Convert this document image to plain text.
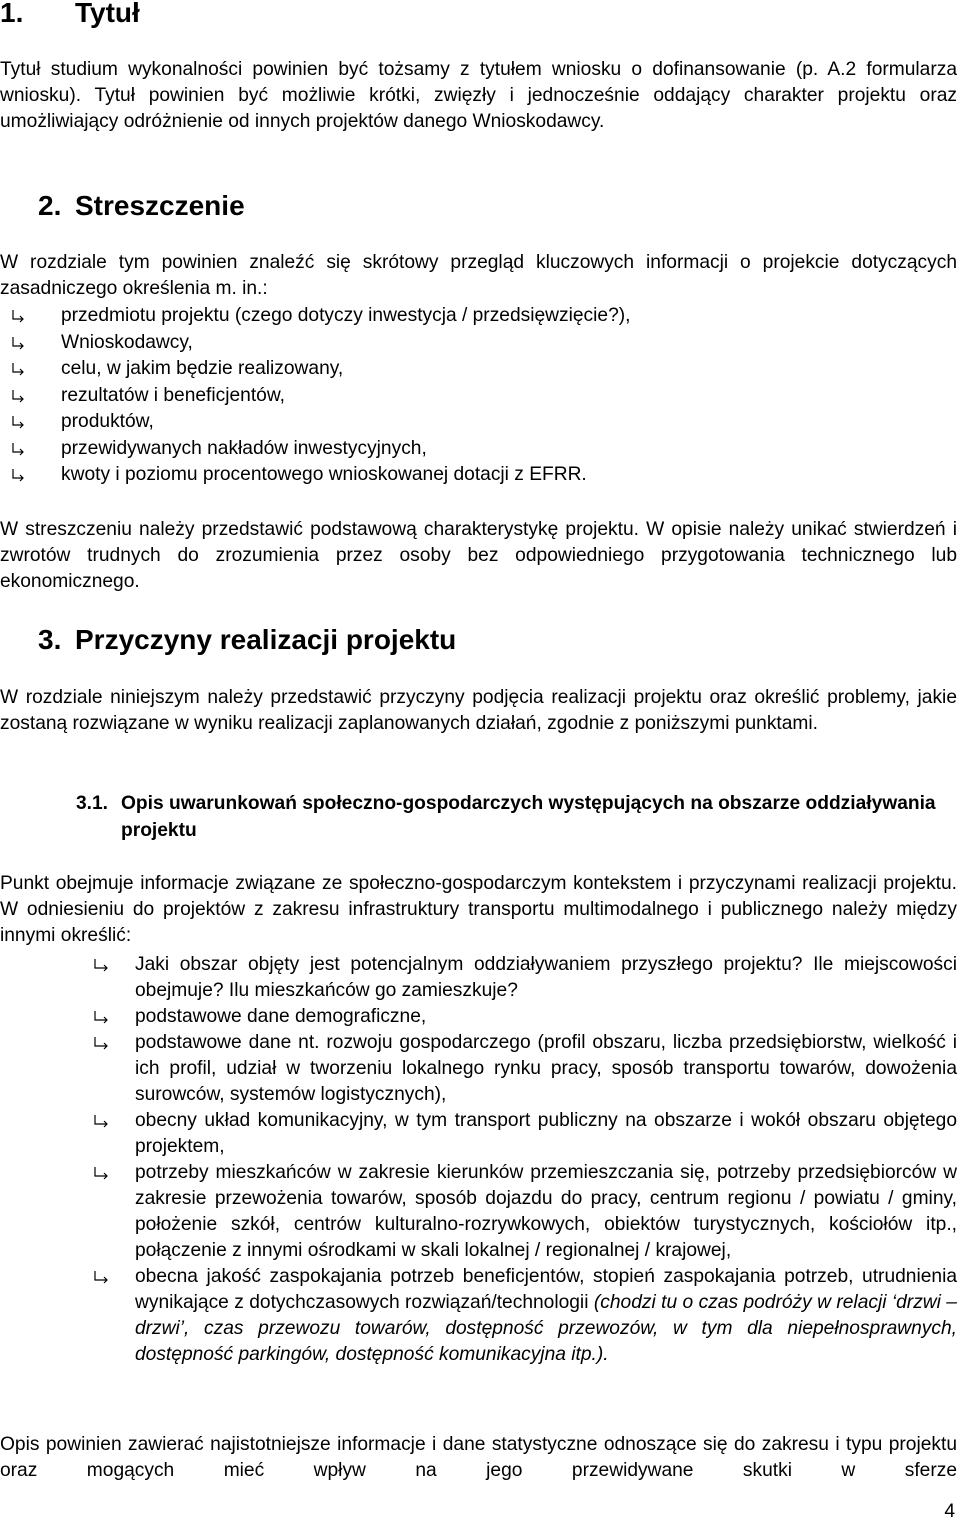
1. Tytuł

Tytuł studium wykonalności powinien być tożsamy z tytułem wniosku o dofinansowanie (p. A.2 formularza wniosku). Tytuł powinien być możliwie krótki, zwięzły i jednocześnie oddający charakter projektu oraz umożliwiający odróżnienie od innych projektów danego Wnioskodawcy.

2. Streszczenie

W rozdziale tym powinien znaleźć się skrótowy przegląd kluczowych informacji o projekcie dotyczących zasadniczego określenia m. in.:

przedmiotu projektu (czego dotyczy inwestycja / przedsięwzięcie?),
Wnioskodawcy,
celu, w jakim będzie realizowany,
rezultatów i beneficjentów,
produktów,
przewidywanych nakładów inwestycyjnych,
kwoty i poziomu procentowego wnioskowanej dotacji z EFRR.

W streszczeniu należy przedstawić podstawową charakterystykę projektu. W opisie należy unikać stwierdzeń i zwrotów trudnych do zrozumienia przez osoby bez odpowiedniego przygotowania technicznego lub ekonomicznego.

3. Przyczyny realizacji projektu

W rozdziale niniejszym należy przedstawić przyczyny podjęcia realizacji projektu oraz określić problemy, jakie zostaną rozwiązane w wyniku realizacji zaplanowanych działań, zgodnie z poniższymi punktami.

3.1. Opis uwarunkowań społeczno-gospodarczych występujących na obszarze oddziaływania projektu

Punkt obejmuje informacje związane ze społeczno-gospodarczym kontekstem i przyczynami realizacji projektu. W odniesieniu do projektów z zakresu infrastruktury transportu multimodalnego i publicznego należy między innymi określić:

Jaki obszar objęty jest potencjalnym oddziaływaniem przyszłego projektu? Ile miejscowości obejmuje? Ilu mieszkańców go zamieszkuje?
podstawowe dane demograficzne,
podstawowe dane nt. rozwoju gospodarczego (profil obszaru, liczba przedsiębiorstw, wielkość i ich profil, udział w tworzeniu lokalnego rynku pracy, sposób transportu towarów, dowożenia surowców, systemów logistycznych),
obecny układ komunikacyjny, w tym transport publiczny na obszarze i wokół obszaru objętego projektem,
potrzeby mieszkańców w zakresie kierunków przemieszczania się, potrzeby przedsiębiorców w zakresie przewożenia towarów, sposób dojazdu do pracy, centrum regionu / powiatu / gminy, położenie szkół, centrów kulturalno-rozrywkowych, obiektów turystycznych, kościołów itp., połączenie z innymi ośrodkami w skali lokalnej / regionalnej / krajowej,
obecna jakość zaspokajania potrzeb beneficjentów, stopień zaspokajania potrzeb, utrudnienia wynikające z dotychczasowych rozwiązań/technologii (chodzi tu o czas podróży w relacji ‘drzwi – drzwi’, czas przewozu towarów, dostępność przewozów, w tym dla niepełnosprawnych, dostępność parkingów, dostępność komunikacyjna itp.).

Opis powinien zawierać najistotniejsze informacje i dane statystyczne odnoszące się do zakresu i typu projektu oraz mogących mieć wpływ na jego przewidywane skutki w sferze

4
